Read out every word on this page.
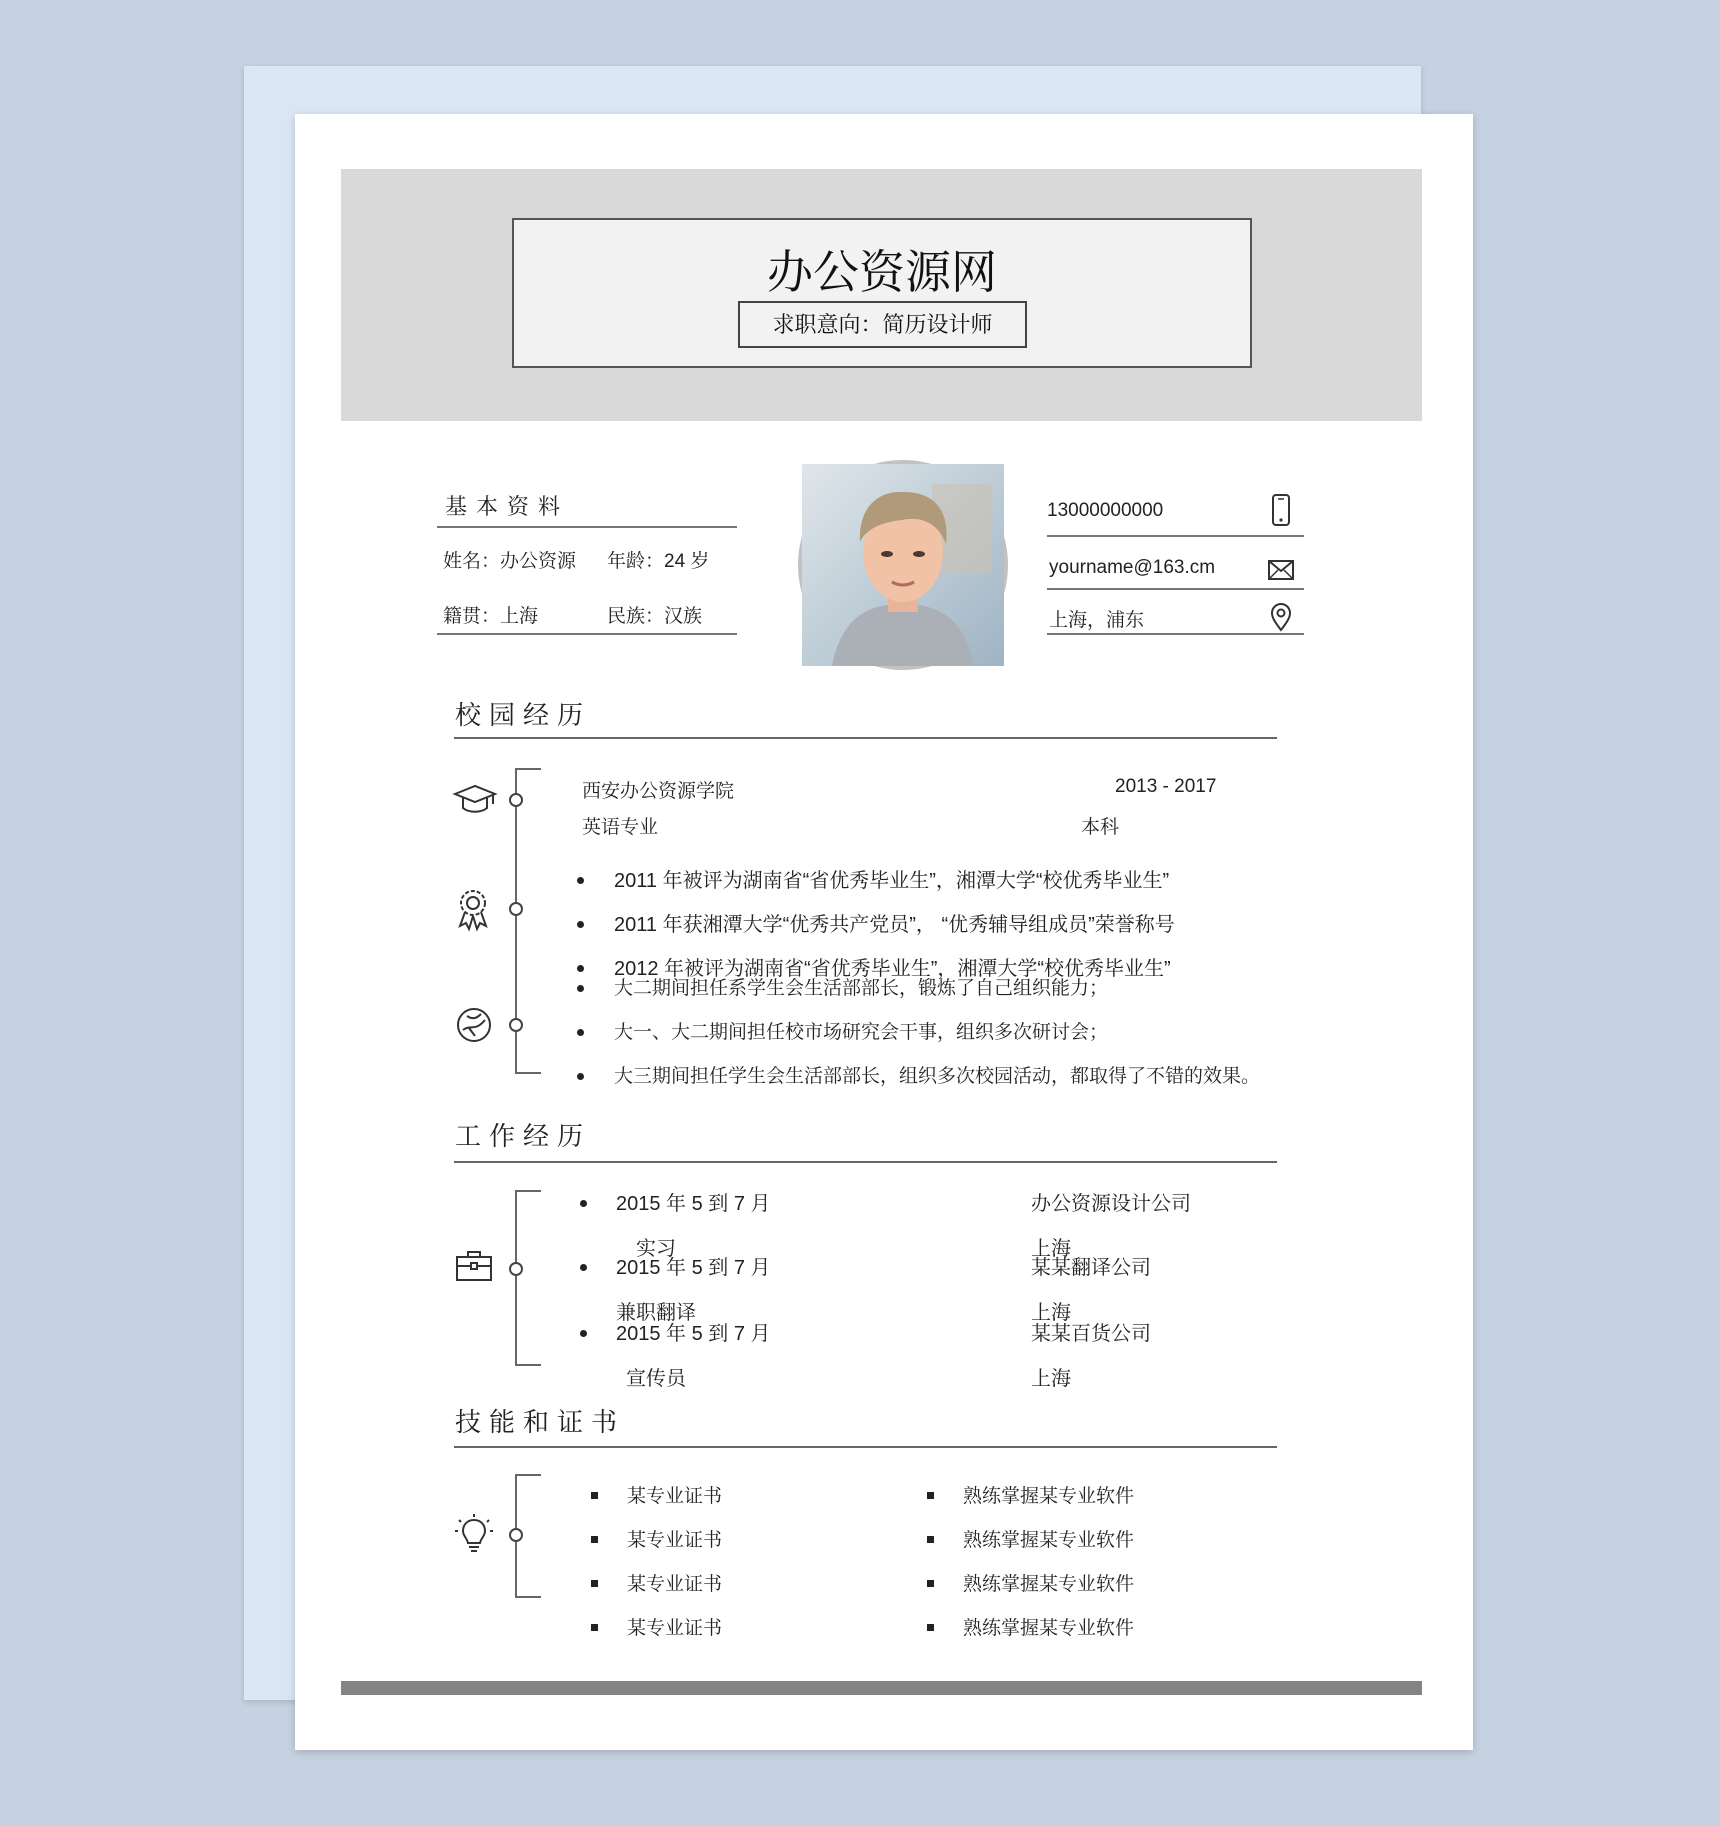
办公资源网
求职意向：简历设计师
基本资料
姓名：办公资源 年龄：24 岁
籍贯：上海	民族：汉族
13000000000
yourname@163.cm
上海，浦东
校园经历
西安办公资源学院	2013 - 2017
英语专业	本科
2011 年被评为湖南省“省优秀毕业生”，湘潭大学“校优秀毕业生”
2011 年获湘潭大学“优秀共产党员”， “优秀辅导组成员”荣誉称号
2012 年被评为湖南省“省优秀毕业生”，湘潭大学“校优秀毕业生”
大二期间担任系学生会生活部部长，锻炼了自己组织能力；
大一、大二期间担任校市场研究会干事，组织多次研讨会；
大三期间担任学生会生活部部长，组织多次校园活动，都取得了不错的效果。
工作经历
2015 年 5 到 7 月	办公资源设计公司
实习	上海
2015 年 5 到 7 月	某某翻译公司
兼职翻译	上海
2015 年 5 到 7 月	某某百货公司
宣传员	上海
技能和证书
某专业证书
某专业证书
某专业证书
某专业证书
熟练掌握某专业软件
熟练掌握某专业软件
熟练掌握某专业软件
熟练掌握某专业软件
